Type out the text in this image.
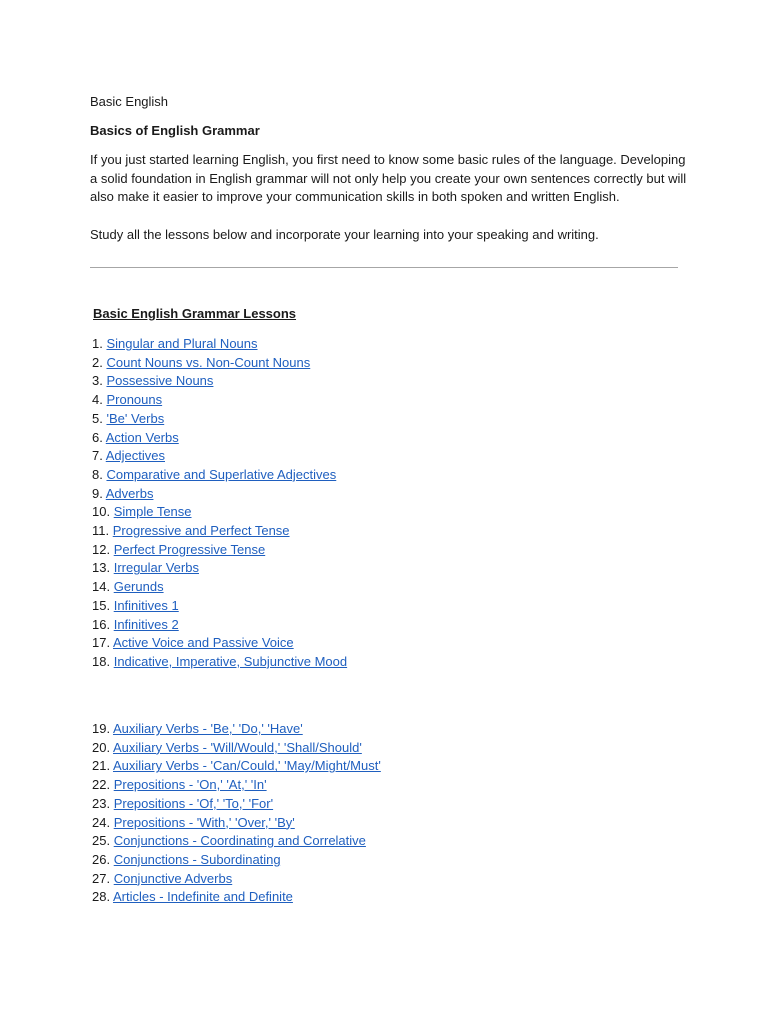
Basic English
Basics of English Grammar

If you just started learning English, you first need to know some basic rules of the language. Developing a solid foundation in English grammar will not only help you create your own sentences correctly but will also make it easier to improve your communication skills in both spoken and written English.

Study all the lessons below and incorporate your learning into your speaking and writing.

Basic English Grammar Lessons
1. Singular and Plural Nouns
2. Count Nouns vs. Non-Count Nouns
3. Possessive Nouns
4. Pronouns
5. 'Be' Verbs
6. Action Verbs
7. Adjectives
8. Comparative and Superlative Adjectives
9. Adverbs
10. Simple Tense
11. Progressive and Perfect Tense
12. Perfect Progressive Tense
13. Irregular Verbs
14. Gerunds
15. Infinitives 1
16. Infinitives 2
17. Active Voice and Passive Voice
18. Indicative, Imperative, Subjunctive Mood
19. Auxiliary Verbs - 'Be,' 'Do,' 'Have'
20. Auxiliary Verbs - 'Will/Would,' 'Shall/Should'
21. Auxiliary Verbs - 'Can/Could,' 'May/Might/Must'
22. Prepositions - 'On,' 'At,' 'In'
23. Prepositions - 'Of,' 'To,' 'For'
24. Prepositions - 'With,' 'Over,' 'By'
25. Conjunctions - Coordinating and Correlative
26. Conjunctions - Subordinating
27. Conjunctive Adverbs
28. Articles - Indefinite and Definite
